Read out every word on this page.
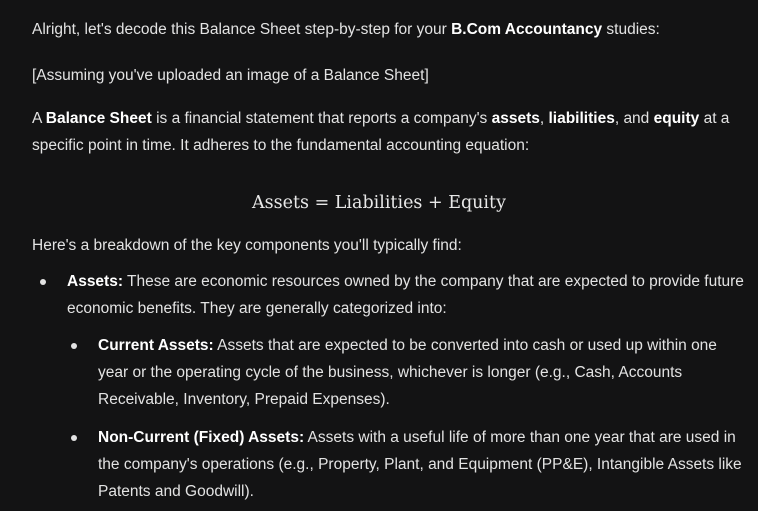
Alright, let's decode this Balance Sheet step-by-step for your B.Com Accountancy studies:

[Assuming you've uploaded an image of a Balance Sheet]

A Balance Sheet is a financial statement that reports a company's assets, liabilities, and equity at a specific point in time. It adheres to the fundamental accounting equation:

Assets = Liabilities + Equity

Here's a breakdown of the key components you'll typically find:

Assets: These are economic resources owned by the company that are expected to provide future economic benefits. They are generally categorized into:

Current Assets: Assets that are expected to be converted into cash or used up within one year or the operating cycle of the business, whichever is longer (e.g., Cash, Accounts Receivable, Inventory, Prepaid Expenses).

Non-Current (Fixed) Assets: Assets with a useful life of more than one year that are used in the company's operations (e.g., Property, Plant, and Equipment (PP&E), Intangible Assets like Patents and Goodwill).
